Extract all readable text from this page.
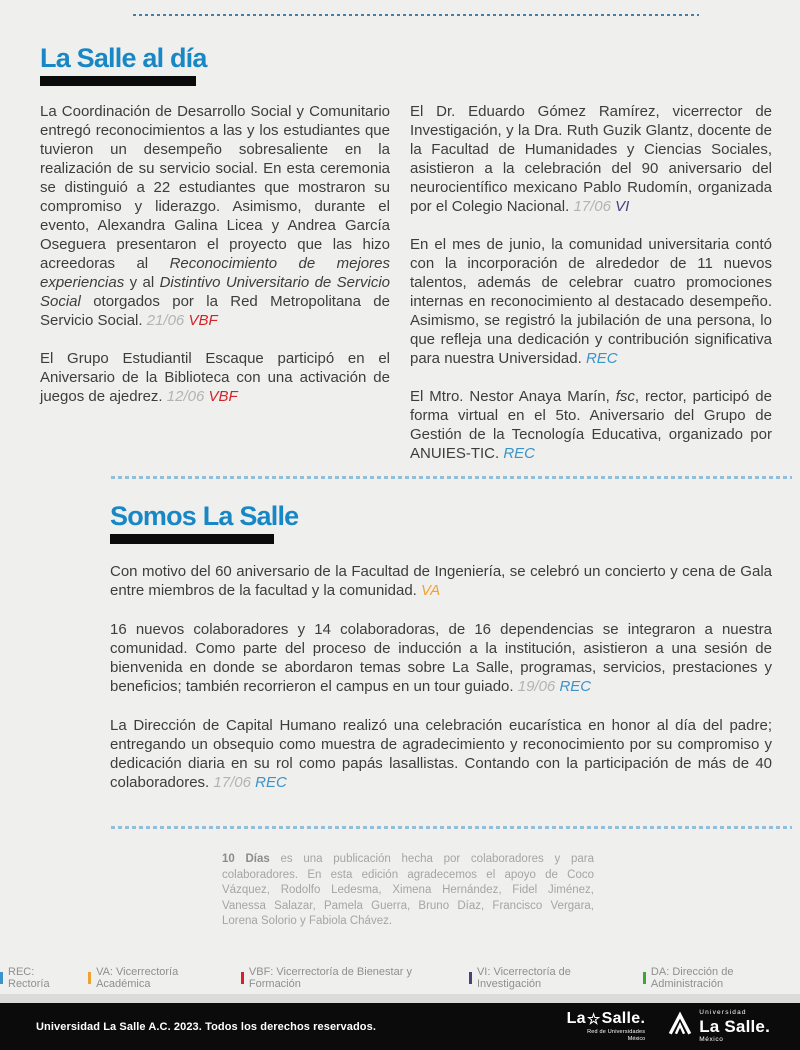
La Salle al día

La Coordinación de Desarrollo Social y Comunitario entregó reconocimientos a las y los estudiantes que tuvieron un desempeño sobresaliente en la realización de su servicio social. En esta ceremonia se distinguió a 22 estudiantes que mostraron su compromiso y liderazgo. Asimismo, durante el evento, Alexandra Galina Licea y Andrea García Oseguera presentaron el proyecto que las hizo acreedoras al Reconocimiento de mejores experiencias y al Distintivo Universitario de Servicio Social otorgados por la Red Metropolitana de Servicio Social. 21/06 VBF

El Grupo Estudiantil Escaque participó en el Aniversario de la Biblioteca con una activación de juegos de ajedrez. 12/06 VBF

El Dr. Eduardo Gómez Ramírez, vicerrector de Investigación, y la Dra. Ruth Guzik Glantz, docente de la Facultad de Humanidades y Ciencias Sociales, asistieron a la celebración del 90 aniversario del neurocientífico mexicano Pablo Rudomín, organizada por el Colegio Nacional. 17/06 VI

En el mes de junio, la comunidad universitaria contó con la incorporación de alrededor de 11 nuevos talentos, además de celebrar cuatro promociones internas en reconocimiento al destacado desempeño. Asimismo, se registró la jubilación de una persona, lo que refleja una dedicación y contribución significativa para nuestra Universidad. REC

El Mtro. Nestor Anaya Marín, fsc, rector, participó de forma virtual en el 5to. Aniversario del Grupo de Gestión de la Tecnología Educativa, organizado por ANUIES-TIC. REC

Somos La Salle

Con motivo del 60 aniversario de la Facultad de Ingeniería, se celebró un concierto y cena de Gala entre miembros de la facultad y la comunidad. VA

16 nuevos colaboradores y 14 colaboradoras, de 16 dependencias se integraron a nuestra comunidad. Como parte del proceso de inducción a la institución, asistieron a una sesión de bienvenida en donde se abordaron temas sobre La Salle, programas, servicios, prestaciones y beneficios; también recorrieron el campus en un tour guiado. 19/06 REC

La Dirección de Capital Humano realizó una celebración eucarística en honor al día del padre; entregando un obsequio como muestra de agradecimiento y reconocimiento por su compromiso y dedicación diaria en su rol como papás lasallistas. Contando con la participación de más de 40 colaboradores. 17/06 REC

10 Días es una publicación hecha por colaboradores y para colaboradores. En esta edición agradecemos el apoyo de Coco Vázquez, Rodolfo Ledesma, Ximena Hernández, Fidel Jiménez, Vanessa Salazar, Pamela Guerra, Bruno Díaz, Francisco Vergara, Lorena Solorio y Fabiola Chávez.
REC: Rectoría
VA: Vicerrectoría Académica
VBF: Vicerrectoría de Bienestar y Formación
VI: Vicerrectoría de Investigación
DA: Dirección de Administración
Universidad La Salle A.C. 2023. Todos los derechos reservados.	La ☆ Salle.
Red de Universidades
México
Universidad
La Salle.
México
